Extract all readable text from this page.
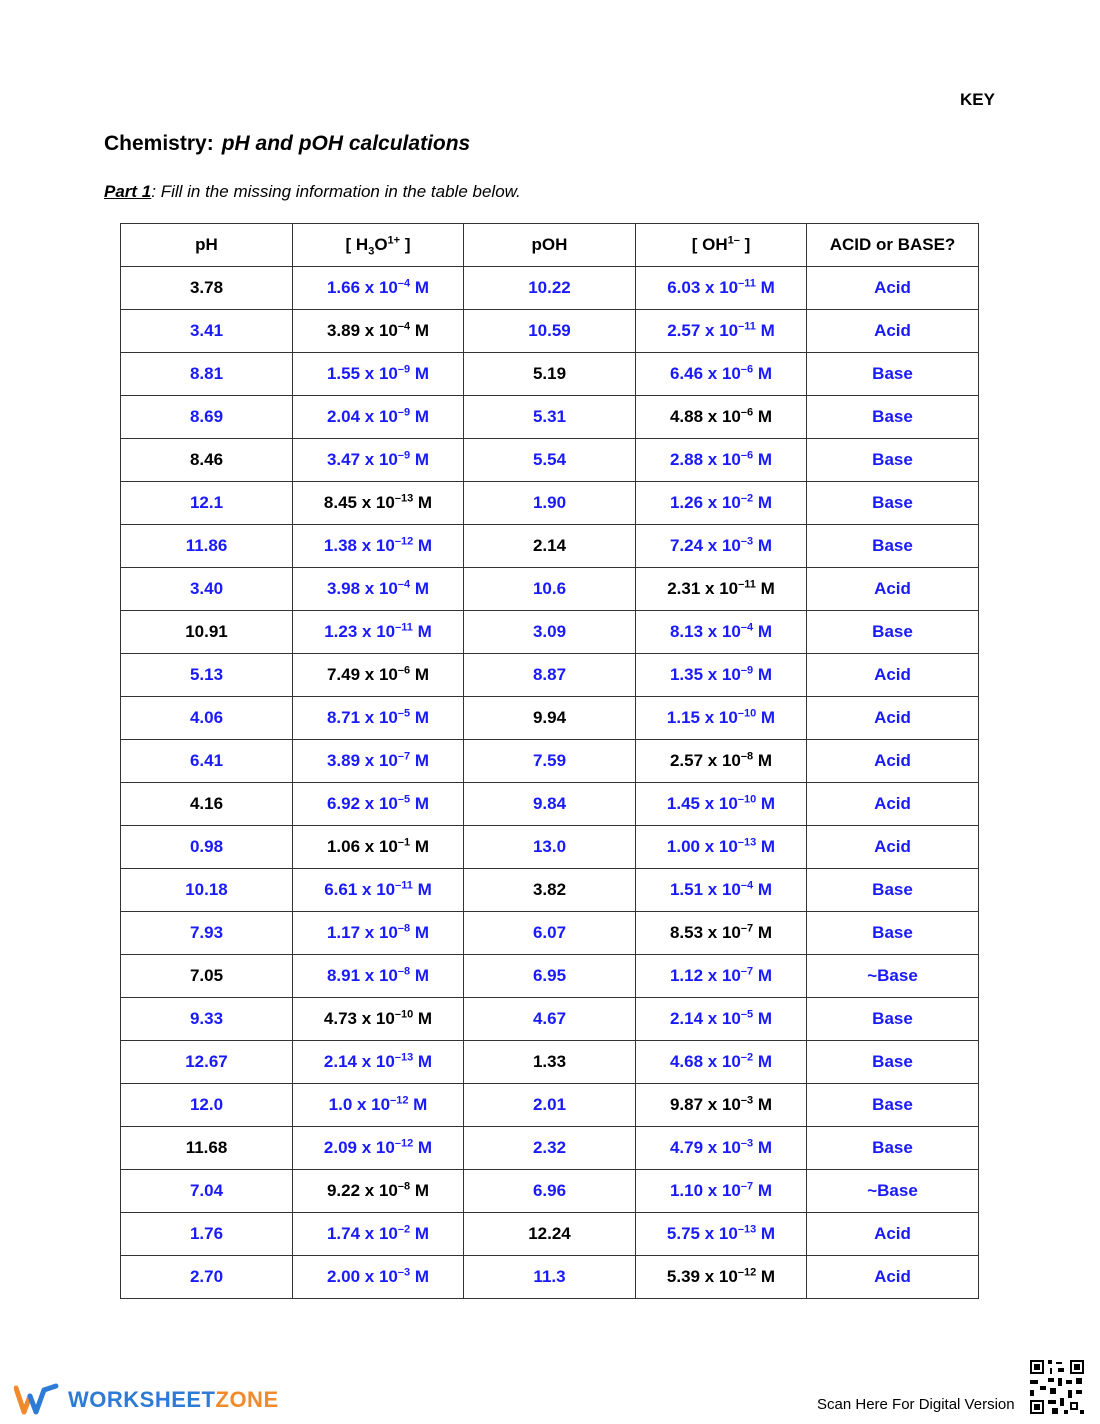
KEY
Chemistry: pH and pOH calculations
Part 1: Fill in the missing information in the table below.
pH	[ $H_3O^{1+}$ ]	pOH	[ $OH^{1-}$ ]	ACID or BASE?
3.78	1.66 x $10^{-4}$ M	10.22	6.03 x $10^{-11}$ M	Acid
3.41	3.89 x $10^{-4}$ M	10.59	2.57 x $10^{-11}$ M	Acid
8.81	1.55 x $10^{-9}$ M	5.19	6.46 x $10^{-6}$ M	Base
8.69	2.04 x $10^{-9}$ M	5.31	4.88 x $10^{-6}$ M	Base
8.46	3.47 x $10^{-9}$ M	5.54	2.88 x $10^{-6}$ M	Base
12.1	8.45 x $10^{-13}$ M	1.90	1.26 x $10^{-2}$ M	Base
11.86	1.38 x $10^{-12}$ M	2.14	7.24 x $10^{-3}$ M	Base
3.40	3.98 x $10^{-4}$ M	10.6	2.31 x $10^{-11}$ M	Acid
10.91	1.23 x $10^{-11}$ M	3.09	8.13 x $10^{-4}$ M	Base
5.13	7.49 x $10^{-6}$ M	8.87	1.35 x $10^{-9}$ M	Acid
4.06	8.71 x $10^{-5}$ M	9.94	1.15 x $10^{-10}$ M	Acid
6.41	3.89 x $10^{-7}$ M	7.59	2.57 x $10^{-8}$ M	Acid
4.16	6.92 x $10^{-5}$ M	9.84	1.45 x $10^{-10}$ M	Acid
0.98	1.06 x $10^{-1}$ M	13.0	1.00 x $10^{-13}$ M	Acid
10.18	6.61 x $10^{-11}$ M	3.82	1.51 x $10^{-4}$ M	Base
7.93	1.17 x $10^{-8}$ M	6.07	8.53 x $10^{-7}$ M	Base
7.05	8.91 x $10^{-8}$ M	6.95	1.12 x $10^{-7}$ M	~Base
9.33	4.73 x $10^{-10}$ M	4.67	2.14 x $10^{-5}$ M	Base
12.67	2.14 x $10^{-13}$ M	1.33	4.68 x $10^{-2}$ M	Base
12.0	1.0 x $10^{-12}$ M	2.01	9.87 x $10^{-3}$ M	Base
11.68	2.09 x $10^{-12}$ M	2.32	4.79 x $10^{-3}$ M	Base
7.04	9.22 x $10^{-8}$ M	6.96	1.10 x $10^{-7}$ M	~Base
1.76	1.74 x $10^{-2}$ M	12.24	5.75 x $10^{-13}$ M	Acid
2.70	2.00 x $10^{-3}$ M	11.3	5.39 x $10^{-12}$ M	Acid
WORKSHEETZONE	Scan Here For Digital Version
